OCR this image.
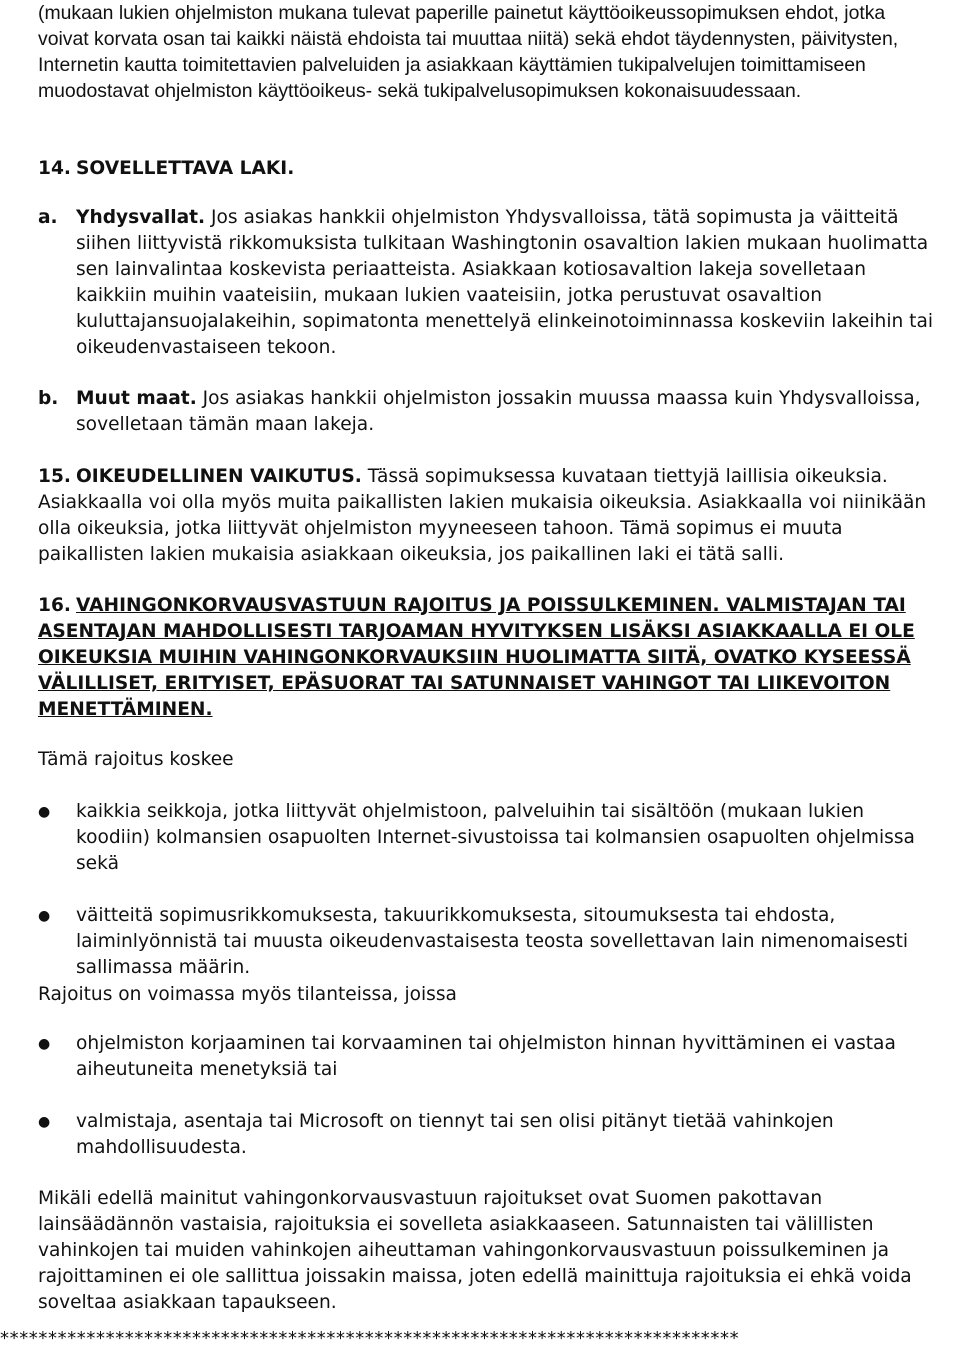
(mukaan lukien ohjelmiston mukana tulevat paperille painetut käyttöoikeussopimuksen ehdot, jotka voivat korvata osan tai kaikki näistä ehdoista tai muuttaa niitä) sekä ehdot täydennysten, päivitysten, Internetin kautta toimitettavien palveluiden ja asiakkaan käyttämien tukipalvelujen toimittamiseen muodostavat ohjelmiston käyttöoikeus- sekä tukipalvelusopimuksen kokonaisuudessaan.

14. SOVELLETTAVA LAKI.
a. Yhdysvallat. Jos asiakas hankkii ohjelmiston Yhdysvalloissa, tätä sopimusta ja väitteitä siihen liittyvistä rikkomuksista tulkitaan Washingtonin osavaltion lakien mukaan huolimatta sen lainvalintaa koskevista periaatteista. Asiakkaan kotiosavaltion lakeja sovelletaan kaikkiin muihin vaateisiin, mukaan lukien vaateisiin, jotka perustuvat osavaltion kuluttajansuojalakeihin, sopimatonta menettelyä elinkeinotoiminnassa koskeviin lakeihin tai oikeudenvastaiseen tekoon.

b. Muut maat. Jos asiakas hankkii ohjelmiston jossakin muussa maassa kuin Yhdysvalloissa, sovelletaan tämän maan lakeja.

15. OIKEUDELLINEN VAIKUTUS. Tässä sopimuksessa kuvataan tiettyjä laillisia oikeuksia. Asiakkaalla voi olla myös muita paikallisten lakien mukaisia oikeuksia. Asiakkaalla voi niinikään olla oikeuksia, jotka liittyvät ohjelmiston myyneeseen tahoon. Tämä sopimus ei muuta paikallisten lakien mukaisia asiakkaan oikeuksia, jos paikallinen laki ei tätä salli.

16. VAHINGONKORVAUSVASTUUN RAJOITUS JA POISSULKEMINEN. VALMISTAJAN TAI ASENTAJAN MAHDOLLISESTI TARJOAMAN HYVITYKSEN LISÄKSI ASIAKKAALLA EI OLE OIKEUKSIA MUIHIN VAHINGONKORVAUKSIIN HUOLIMATTA SIITÄ, OVATKO KYSEESSÄ VÄLILLISET, ERITYISET, EPÄSUORAT TAI SATUNNAISET VAHINGOT TAI LIIKEVOITON MENETTÄMINEN.

Tämä rajoitus koskee

●	kaikkia seikkoja, jotka liittyvät ohjelmistoon, palveluihin tai sisältöön (mukaan lukien koodiin) kolmansien osapuolten Internet-sivustoissa tai kolmansien osapuolten ohjelmissa sekä
●	väitteitä sopimusrikkomuksesta, takuurikkomuksesta, sitoumuksesta tai ehdosta, laiminlyönnistä tai muusta oikeudenvastaisesta teosta sovellettavan lain nimenomaisesti sallimassa määrin.

Rajoitus on voimassa myös tilanteissa, joissa

●	ohjelmiston korjaaminen tai korvaaminen tai ohjelmiston hinnan hyvittäminen ei vastaa aiheutuneita menetyksiä tai
●	valmistaja, asentaja tai Microsoft on tiennyt tai sen olisi pitänyt tietää vahinkojen mahdollisuudesta.

Mikäli edellä mainitut vahingonkorvausvastuun rajoitukset ovat Suomen pakottavan lainsäädännön vastaisia, rajoituksia ei sovelleta asiakkaaseen. Satunnaisten tai välillisten vahinkojen tai muiden vahinkojen aiheuttaman vahingonkorvausvastuun poissulkeminen ja rajoittaminen ei ole sallittua joissakin maissa, joten edellä mainittuja rajoituksia ei ehkä voida soveltaa asiakkaan tapaukseen.

*****************************************************************************
